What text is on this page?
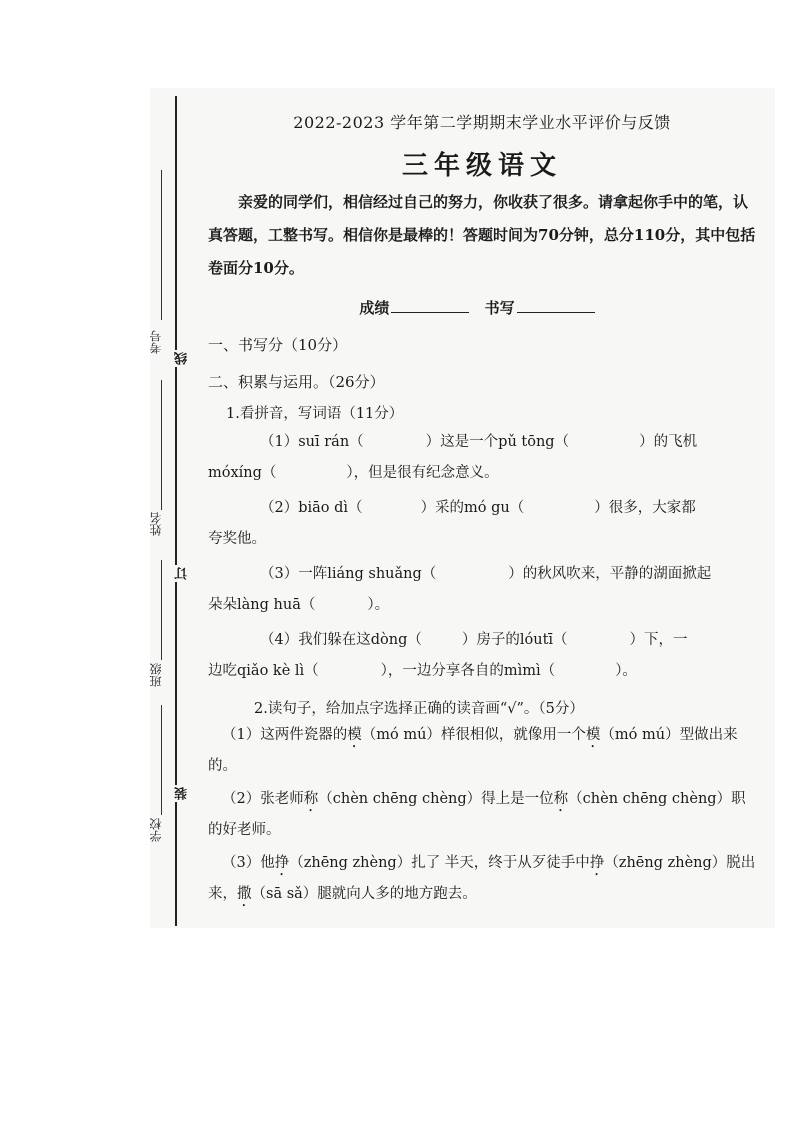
考号
姓名
班级
学校
线
订
装
2022-2023 学年第二学期期末学业水平评价与反馈
三年级语文
亲爱的同学们，相信经过自己的努力，你收获了很多。请拿起你手中的笔，认真答题，工整书写。相信你是最棒的！答题时间为70分钟，总分110分，其中包括卷面分10分。
成绩	书写
一、书写分（10分）
二、积累与运用。（26分）
1.看拼音，写词语（11分）
（1）suī rán（	）这是一个pǔ tōng（	）的飞机
móxíng（	），但是很有纪念意义。
（2）biāo dì（	）采的mó gu（	）很多，大家都
夸奖他。
（3）一阵liáng shuǎng（	）的秋风吹来，平静的湖面掀起
朵朵làng huā（	）。
（4）我们躲在这dòng（	）房子的lóutī（	）下，一
边吃qiǎo kè lì（	），一边分享各自的mìmì（	）。
2.读句子，给加点字选择正确的读音画“√”。（5分）
（1）这两件瓷器的模（mó mú）样很相似，就像用一个模（mó mú）型做出来的。
（2）张老师称（chèn chēng chèng）得上是一位称（chèn chēng chèng）职的好老师。
（3）他挣（zhēng zhèng）扎了 半天，终于从歹徒手中挣（zhēng zhèng）脱出来，撒（sā sǎ）腿就向人多的地方跑去。
